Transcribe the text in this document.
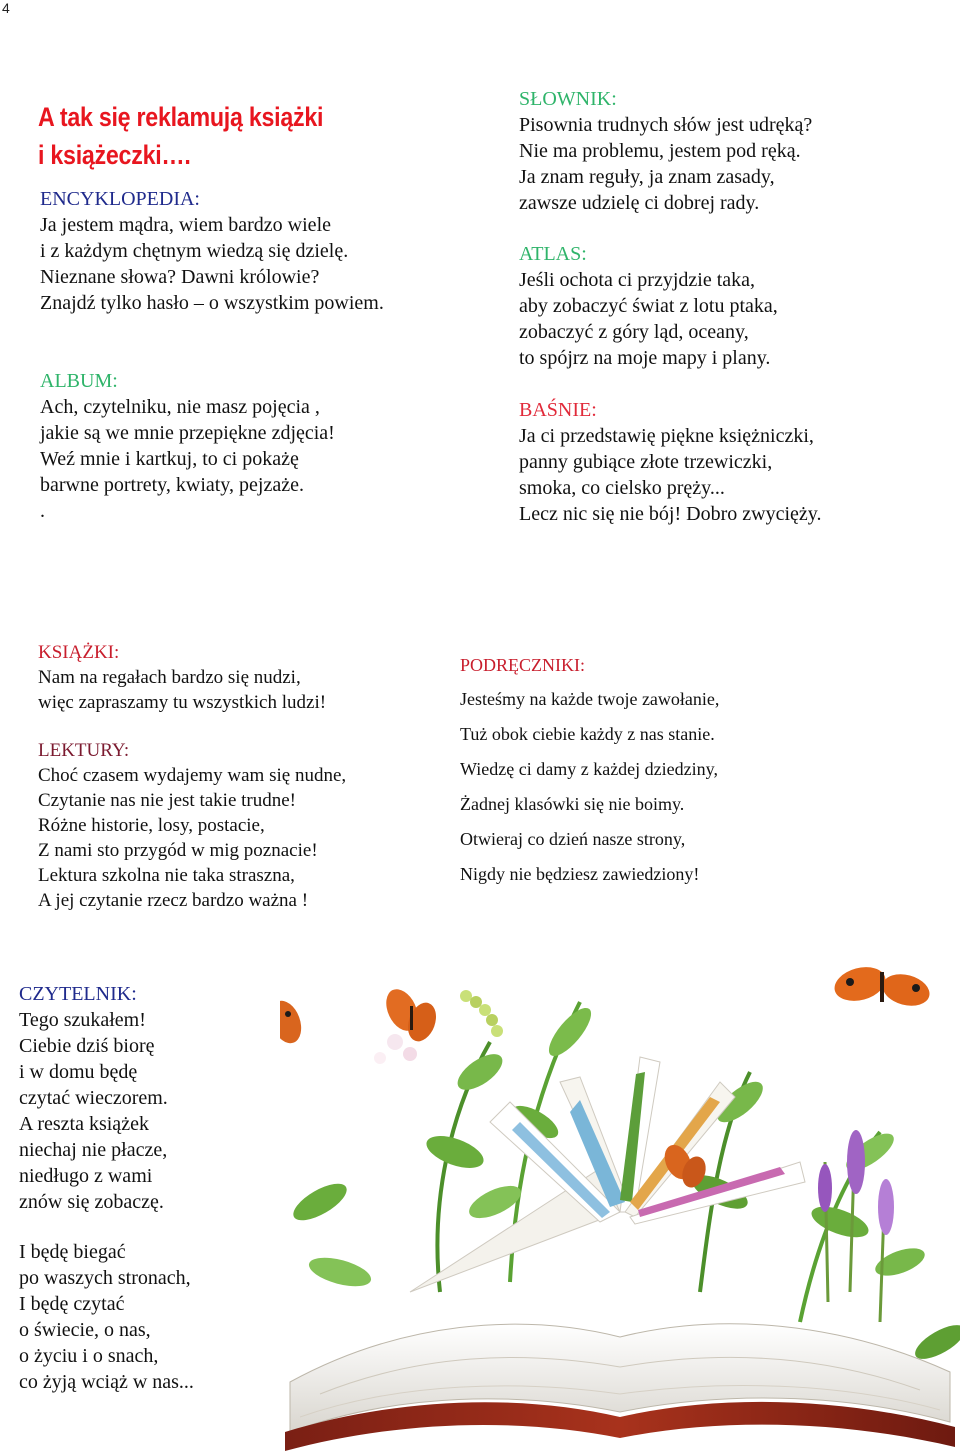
4
A tak się reklamują książki
i książeczki….
ENCYKLOPEDIA:
Ja jestem mądra, wiem bardzo wiele
i z każdym chętnym wiedzą się dzielę.
Nieznane słowa? Dawni królowie?
Znajdź tylko hasło – o wszystkim powiem.
ALBUM:
Ach, czytelniku, nie masz pojęcia ,
jakie są we mnie przepiękne zdjęcia!
Weź mnie i kartkuj, to ci pokażę
barwne portrety, kwiaty, pejzaże.
.
SŁOWNIK:
Pisownia trudnych słów jest udręką?
Nie ma problemu, jestem pod ręką.
Ja znam reguły, ja znam zasady,
zawsze udzielę ci dobrej rady.
ATLAS:
Jeśli ochota ci przyjdzie taka,
aby zobaczyć świat z lotu ptaka,
zobaczyć z góry ląd, oceany,
to spójrz na moje mapy i plany.
BAŚNIE:
Ja ci przedstawię piękne księżniczki,
panny gubiące złote trzewiczki,
smoka, co cielsko pręży...
Lecz nic się nie bój! Dobro zwycięży.
KSIĄŻKI:
Nam na regałach bardzo się nudzi,
więc zapraszamy tu wszystkich ludzi!
LEKTURY:
Choć czasem wydajemy wam się nudne,
Czytanie nas nie jest takie trudne!
Różne historie, losy, postacie,
Z nami sto przygód w mig poznacie!
Lektura szkolna nie taka straszna,
A jej czytanie rzecz bardzo ważna !
PODRĘCZNIKI:
Jesteśmy na każde twoje zawołanie,
Tuż obok ciebie każdy z nas stanie.
Wiedzę ci damy z każdej dziedziny,
Żadnej klasówki się nie boimy.
Otwieraj co dzień nasze strony,
Nigdy nie będziesz zawiedziony!
CZYTELNIK:
Tego szukałem!
Ciebie dziś biorę
i w domu będę
czytać wieczorem.
A reszta książek
niechaj nie płacze,
niedługo z wami
znów się zobaczę.
I będę biegać
po waszych stronach,
I będę czytać
o świecie, o nas,
o życiu i o snach,
co żyją wciąż w nas...
